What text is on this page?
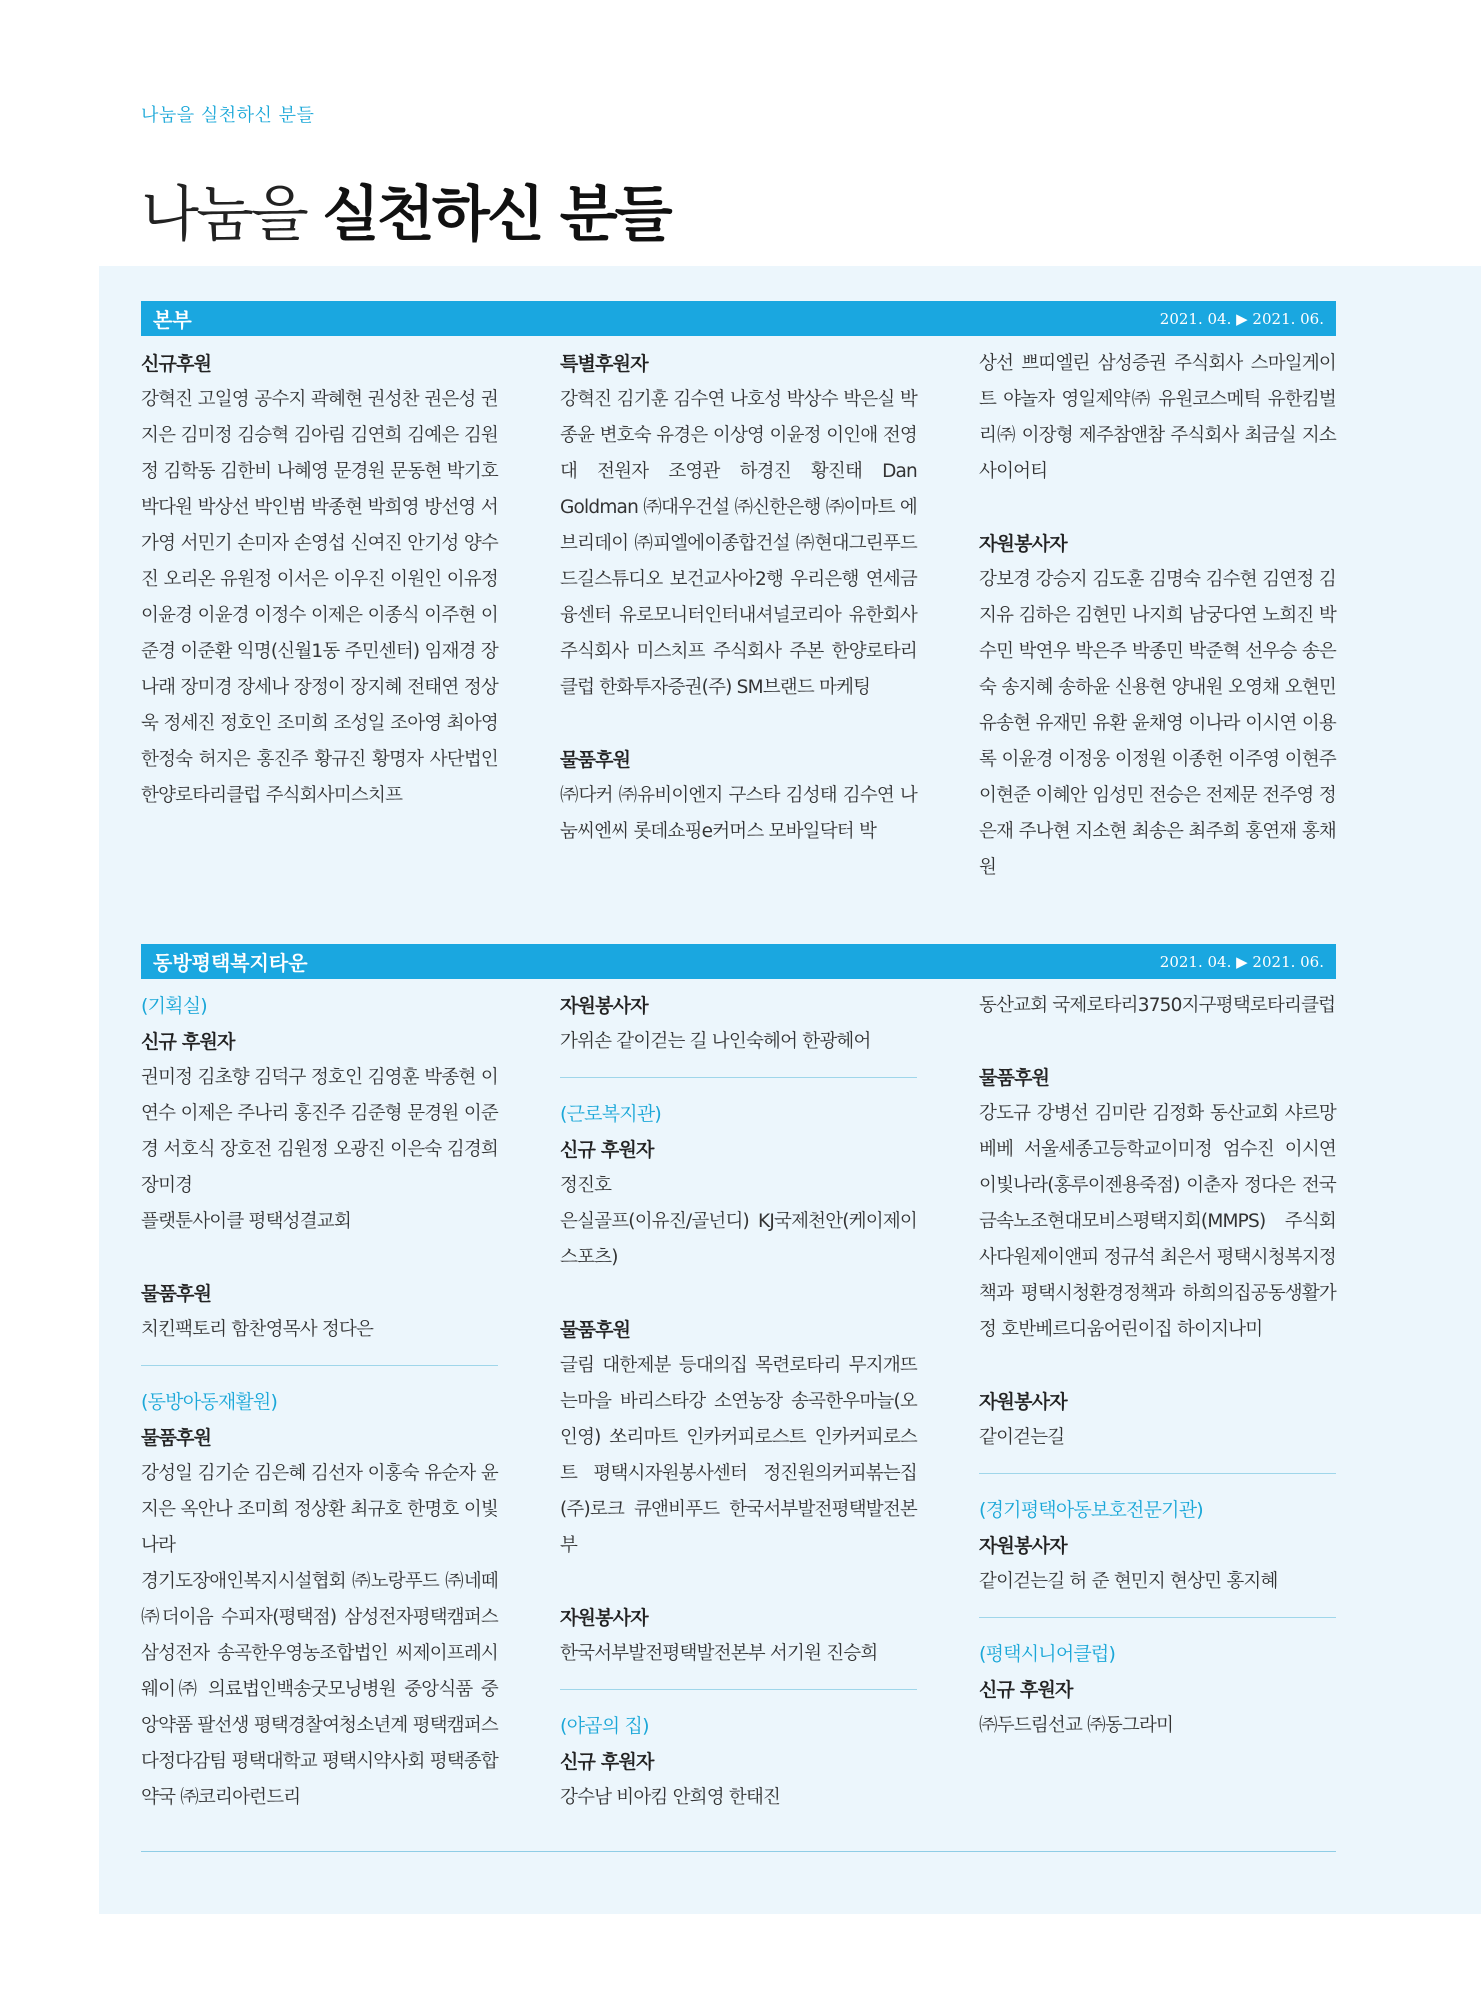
나눔을 실천하신 분들
나눔을 실천하신 분들
본부	2021. 04. ▶ 2021. 06.
신규후원

강혁진 고일영 공수지 곽혜현 권성찬 권은성 권지은 김미정 김승혁 김아림 김연희 김예은 김원정 김학동 김한비 나혜영 문경원 문동현 박기호 박다원 박상선 박인범 박종현 박희영 방선영 서가영 서민기 손미자 손영섭 신여진 안기성 양수진 오리온 유원정 이서은 이우진 이원인 이유정 이윤경 이윤경 이정수 이제은 이종식 이주현 이준경 이준환 익명(신월1동 주민센터) 임재경 장나래 장미경 장세나 장정이 장지혜 전태연 정상욱 정세진 정호인 조미희 조성일 조아영 최아영 한정숙 허지은 홍진주 황규진 황명자 사단법인한양로타리클럽 주식회사미스치프

특별후원자

강혁진 김기훈 김수연 나호성 박상수 박은실 박종윤 변호숙 유경은 이상영 이윤정 이인애 전영대 전원자 조영관 하경진 황진태 Dan Goldman ㈜대우건설 ㈜신한은행 ㈜이마트 에브리데이 ㈜피엘에이종합건설 ㈜현대그린푸드 드길스튜디오 보건교사아2행 우리은행 연세금융센터 유로모니터인터내셔널코리아 유한회사 주식회사 미스치프 주식회사 주본 한양로타리클럽 한화투자증권(주) SM브랜드 마케팅

물품후원

㈜다커 ㈜유비이엔지 구스타 김성태 김수연 나눔씨엔씨 롯데쇼핑e커머스 모바일닥터 박

상선 쁘띠엘린 삼성증권 주식회사 스마일게이트 야놀자 영일제약㈜ 유원코스메틱 유한킴벌리㈜ 이장형 제주참앤참 주식회사 최금실 지소사이어티

자원봉사자

강보경 강승지 김도훈 김명숙 김수현 김연정 김지유 김하은 김현민 나지희 남궁다연 노희진 박수민 박연우 박은주 박종민 박준혁 선우승 송은숙 송지혜 송하윤 신용현 양내원 오영채 오현민 유송현 유재민 유환 윤채영 이나라 이시연 이용록 이윤경 이정웅 이정원 이종헌 이주영 이현주 이현준 이혜안 임성민 전승은 전제문 전주영 정은재 주나현 지소현 최송은 최주희 홍연재 홍채원

동방평택복지타운	2021. 04. ▶ 2021. 06.
(기획실)
신규 후원자

권미정 김초향 김덕구 정호인 김영훈 박종현 이연수 이제은 주나리 홍진주 김준형 문경원 이준경 서호식 장호전 김원정 오광진 이은숙 김경희 장미경

플랫툰사이클 평택성결교회

물품후원

치킨팩토리 함찬영목사 정다은

(동방아동재활원)
물품후원

강성일 김기순 김은혜 김선자 이홍숙 유순자 윤지은 옥안나 조미희 정상환 최규호 한명호 이빛나라

경기도장애인복지시설협회 ㈜노랑푸드 ㈜네떼 ㈜더이음 수피자(평택점) 삼성전자평택캠퍼스 삼성전자 송곡한우영농조합법인 씨제이프레시웨이㈜ 의료법인백송굿모닝병원 중앙식품 중앙약품 팔선생 평택경찰여청소년계 평택캠퍼스다정다감팀 평택대학교 평택시약사회 평택종합약국 ㈜코리아런드리

자원봉사자

가위손 같이걷는 길 나인숙헤어 한광헤어

(근로복지관)
신규 후원자

정진호

은실골프(이유진/골넌디) KJ국제천안(케이제이스포츠)

물품후원

글림 대한제분 등대의집 목련로타리 무지개뜨는마을 바리스타강 소연농장 송곡한우마늘(오인영) 쏘리마트 인카커피로스트 인카커피로스트 평택시자원봉사센터 정진원의커피볶는집 (주)로크 큐앤비푸드 한국서부발전평택발전본부

자원봉사자

한국서부발전평택발전본부 서기원 진승희

(야곱의 집)
신규 후원자

강수남 비아킴 안희영 한태진

동산교회 국제로타리3750지구평택로타리클럽

물품후원

강도규 강병선 김미란 김정화 동산교회 샤르망베베 서울세종고등학교이미정 엄수진 이시연 이빛나라(홍루이젠용죽점) 이춘자 정다은 전국금속노조현대모비스평택지회(MMPS) 주식회사다원제이앤피 정규석 최은서 평택시청복지정책과 평택시청환경정책과 하희의집공동생활가정 호반베르디움어린이집 하이지나미

자원봉사자

같이걷는길

(경기평택아동보호전문기관)
자원봉사자

같이걷는길 허 준 현민지 현상민 홍지혜

(평택시니어클럽)
신규 후원자

㈜두드림선교 ㈜동그라미
